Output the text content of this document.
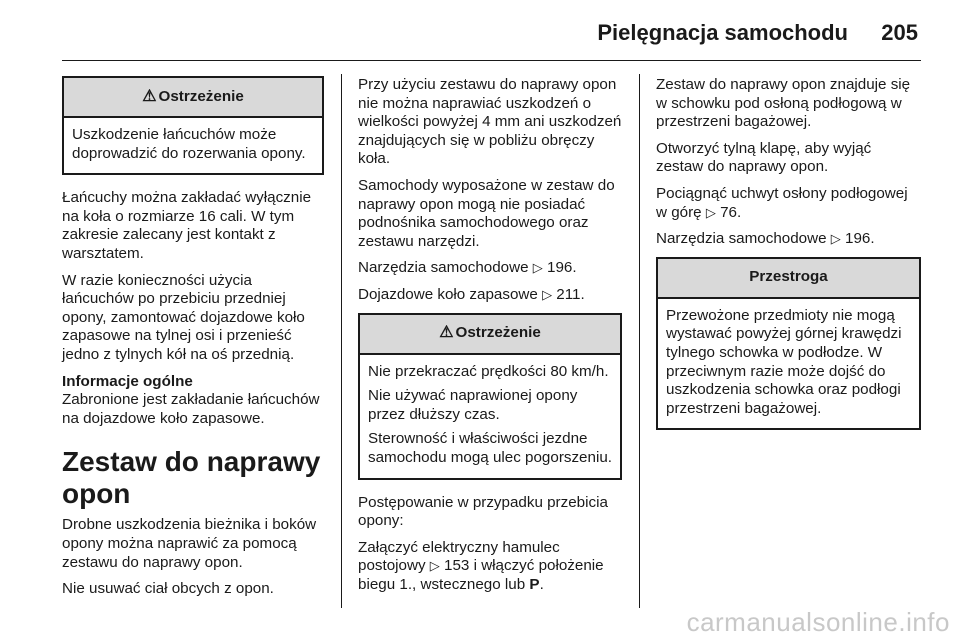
Pielęgnacja samochodu 205
⚠ Ostrzeżenie

Uszkodzenie łańcuchów może doprowadzić do rozerwania opony.

Łańcuchy można zakładać wyłącznie na koła o rozmiarze 16 cali. W tym zakresie zalecany jest kontakt z warsztatem.

W razie konieczności użycia łańcuchów po przebiciu przedniej opony, zamontować dojazdowe koło zapasowe na tylnej osi i przenieść jedno z tylnych kół na oś przednią.

Informacje ogólne

Zabronione jest zakładanie łańcuchów na dojazdowe koło zapasowe.

Zestaw do naprawy opon

Drobne uszkodzenia bieżnika i boków opony można naprawić za pomocą zestawu do naprawy opon.

Nie usuwać ciał obcych z opon.

Przy użyciu zestawu do naprawy opon nie można naprawiać uszkodzeń o wielkości powyżej 4 mm ani uszkodzeń znajdujących się w pobliżu obręczy koła.

Samochody wyposażone w zestaw do naprawy opon mogą nie posiadać podnośnika samochodowego oraz zestawu narzędzi.

Narzędzia samochodowe ▷ 196.

Dojazdowe koło zapasowe ▷ 211.

⚠ Ostrzeżenie

Nie przekraczać prędkości 80 km/h.

Nie używać naprawionej opony przez dłuższy czas.

Sterowność i właściwości jezdne samochodu mogą ulec pogorszeniu.

Postępowanie w przypadku przebicia opony:

Załączyć elektryczny hamulec postojowy ▷ 153 i włączyć położenie biegu 1., wstecznego lub P.

Zestaw do naprawy opon znajduje się w schowku pod osłoną podłogową w przestrzeni bagażowej.

Otworzyć tylną klapę, aby wyjąć zestaw do naprawy opon.

Pociągnąć uchwyt osłony podłogowej w górę ▷ 76.

Narzędzia samochodowe ▷ 196.

Przestroga

Przewożone przedmioty nie mogą wystawać powyżej górnej krawędzi tylnego schowka w podłodze. W przeciwnym razie może dojść do uszkodzenia schowka oraz podłogi przestrzeni bagażowej.

carmanualsonline.info
